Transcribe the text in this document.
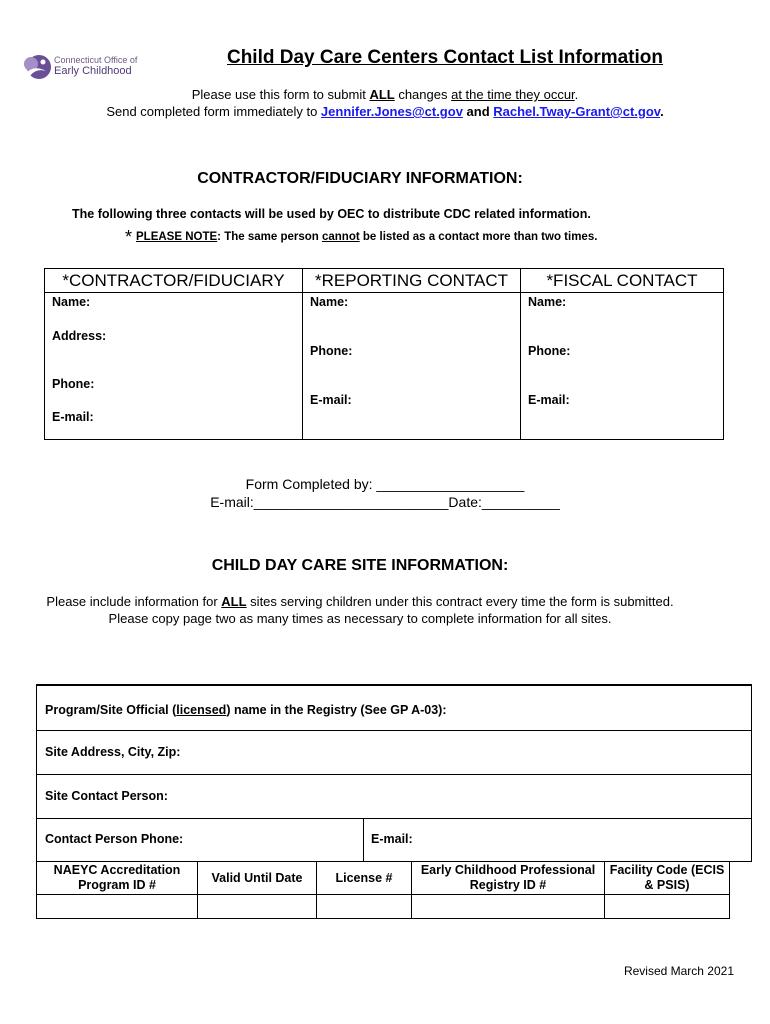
Connecticut Office of
Early Childhood
Child Day Care Centers Contact List Information
Please use this form to submit ALL changes at the time they occur.
Send completed form immediately to Jennifer.Jones@ct.gov and Rachel.Tway-Grant@ct.gov.
CONTRACTOR/FIDUCIARY INFORMATION:
The following three contacts will be used by OEC to distribute CDC related information.
* PLEASE NOTE: The same person cannot be listed as a contact more than two times.
*CONTRACTOR/FIDUCIARY
Name:
Address:
Phone:
E-mail:
*REPORTING CONTACT
Name:
Phone:
E-mail:
*FISCAL CONTACT
Name:
Phone:
E-mail:
Form Completed by: ___________________
E-mail:_________________________Date:__________
CHILD DAY CARE SITE INFORMATION:
Please include information for ALL sites serving children under this contract every time the form is submitted.
Please copy page two as many times as necessary to complete information for all sites.
Program/Site Official (licensed) name in the Registry (See GP A-03):
Site Address, City, Zip:
Site Contact Person:
Contact Person Phone:	E-mail:
NAEYC Accreditation Program ID #
Valid Until Date	License #
Early Childhood Professional Registry ID #
Facility Code (ECIS & PSIS)
Revised March 2021
